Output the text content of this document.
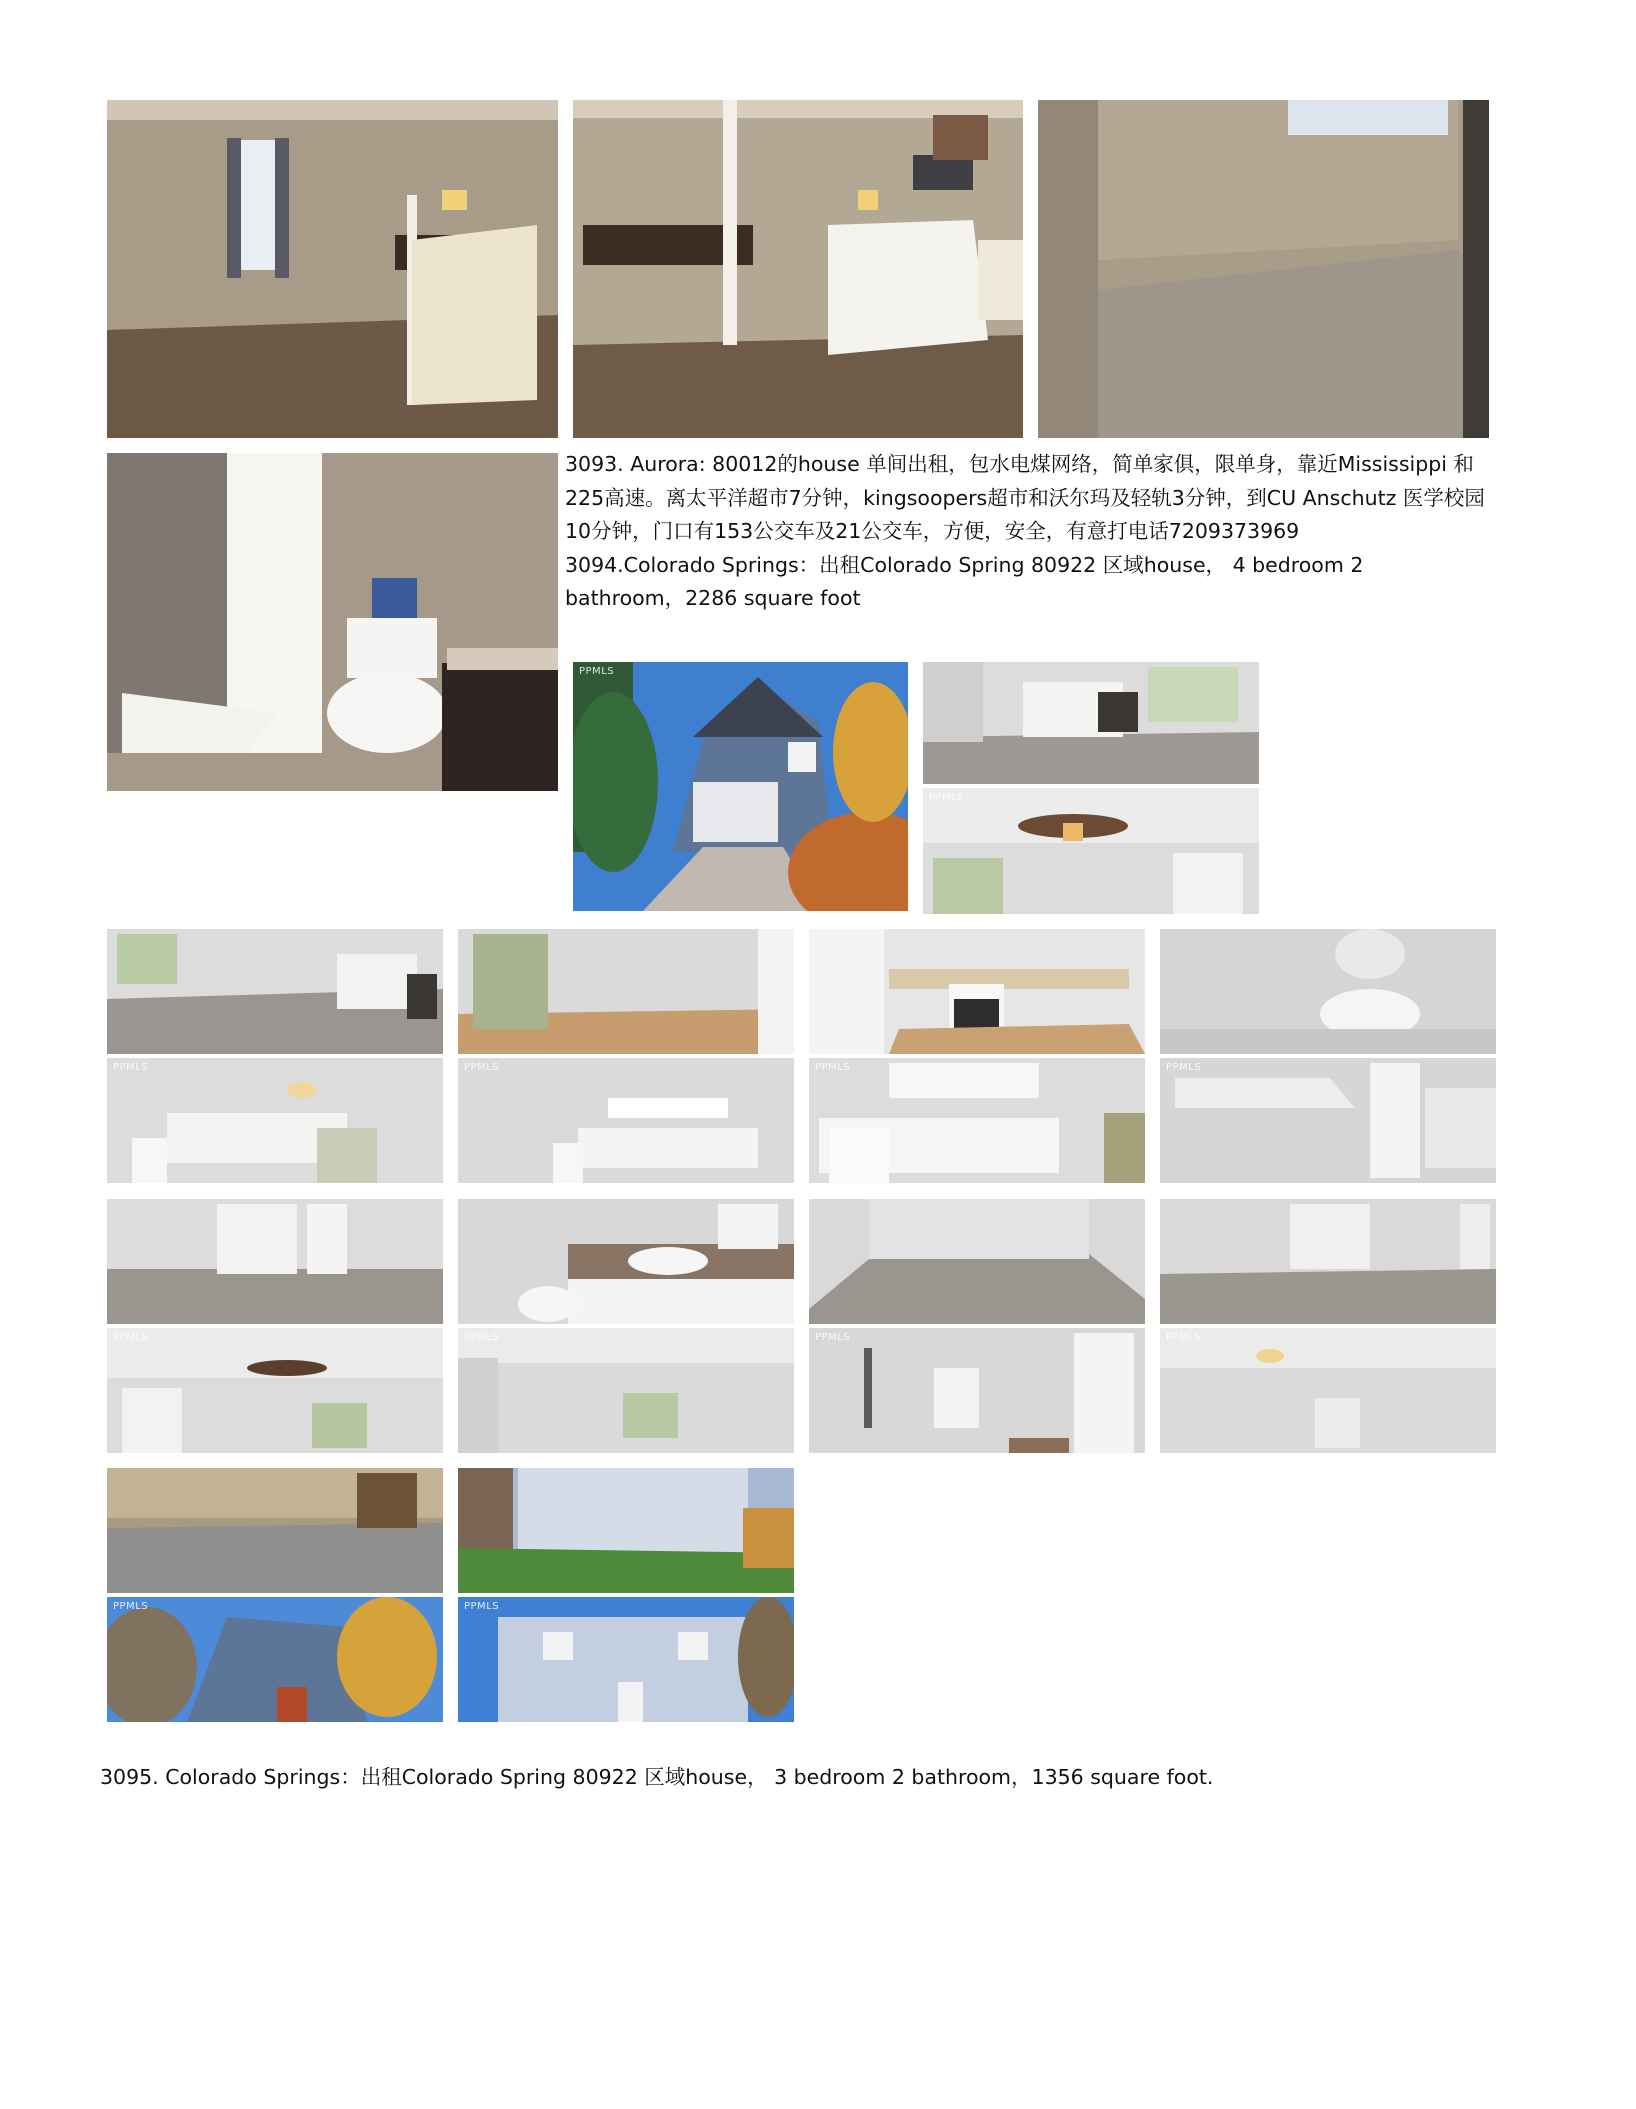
3093. Aurora: 80012的house 单间出租，包水电煤网络，简单家俱，限单身，靠近Mississippi 和225高速。离太平洋超市7分钟，kingsoopers超市和沃尔玛及轻轨3分钟，到CU Anschutz 医学校园10分钟，门口有153公交车及21公交车，方便，安全，有意打电话7209373969

3094.Colorado Springs：出租Colorado Spring 80922 区域house， 4 bedroom 2

bathroom，2286 square foot

PPMLS
PPMLS
PPMLS	PPMLS	PPMLS	PPMLS
PPMLS	PPMLS	PPMLS	PPMLS
PPMLS	PPMLS

3095. Colorado Springs：出租Colorado Spring 80922 区域house， 3 bedroom 2 bathroom，1356 square foot.
